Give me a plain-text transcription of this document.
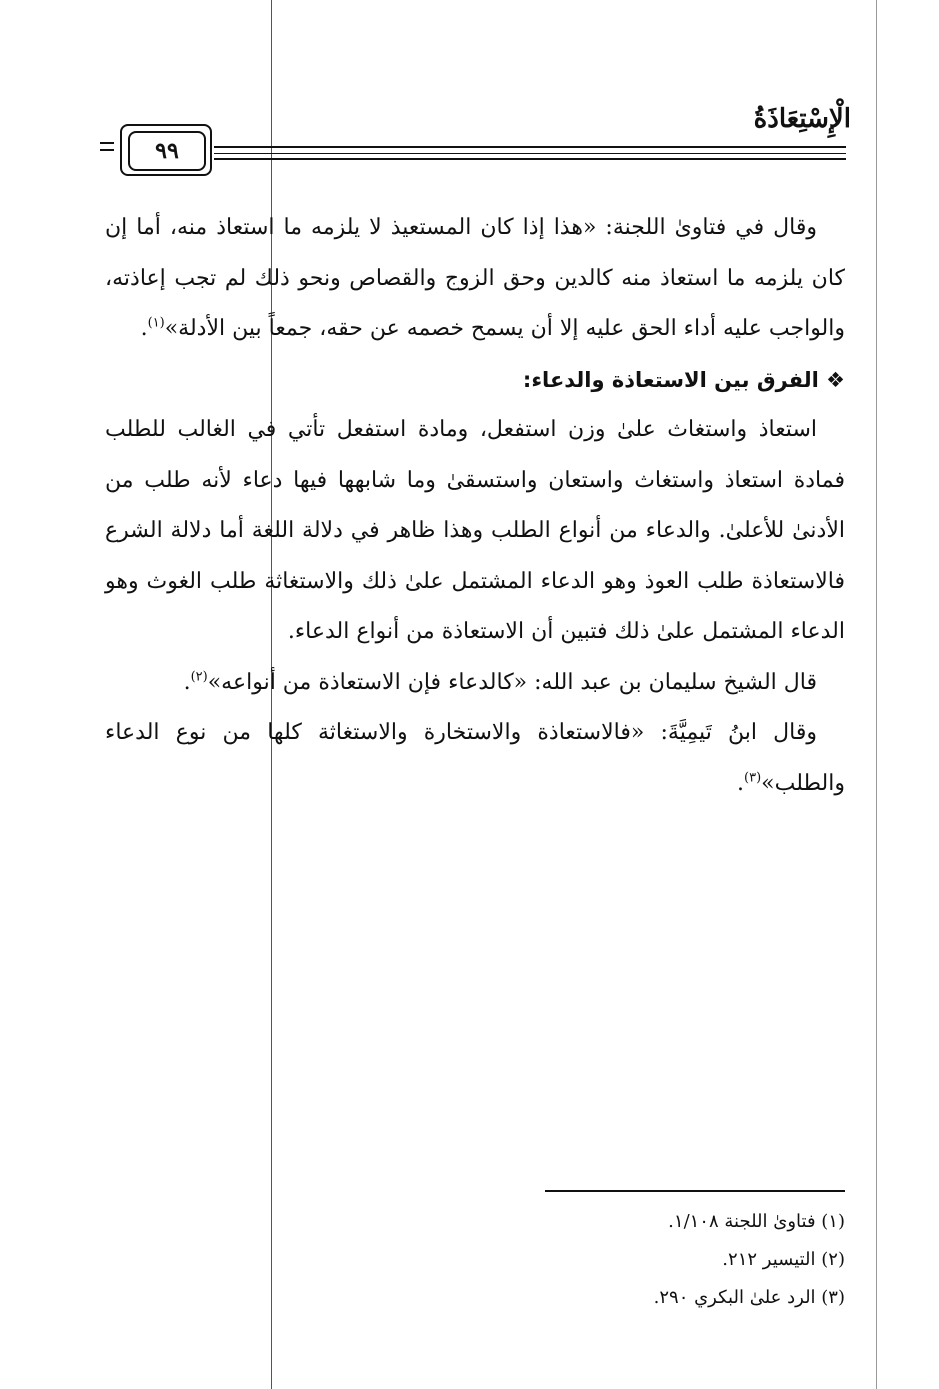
الْإِسْتِعَاذَةُ
٩٩

وقال في فتاوىٰ اللجنة: «هذا إذا كان المستعيذ لا يلزمه ما استعاذ منه، أما إن كان يلزمه ما استعاذ منه كالدين وحق الزوج والقصاص ونحو ذلك لم تجب إعاذته، والواجب عليه أداء الحق عليه إلا أن يسمح خصمه عن حقه، جمعاً بين الأدلة»$^{(١)}$.

❖ الفرق بين الاستعاذة والدعاء:

استعاذ واستغاث علىٰ وزن استفعل، ومادة استفعل تأتي في الغالب للطلب فمادة استعاذ واستغاث واستعان واستسقىٰ وما شابهها فيها دعاء لأنه طلب من الأدنىٰ للأعلىٰ. والدعاء من أنواع الطلب وهذا ظاهر في دلالة اللغة أما دلالة الشرع فالاستعاذة طلب العوذ وهو الدعاء المشتمل علىٰ ذلك والاستغاثة طلب الغوث وهو الدعاء المشتمل علىٰ ذلك فتبين أن الاستعاذة من أنواع الدعاء.

قال الشيخ سليمان بن عبد الله: «كالدعاء فإن الاستعاذة من أنواعه»$^{(٢)}$.

وقال ابنُ تَيمِيَّةَ: «فالاستعاذة والاستخارة والاستغاثة كلها من نوع الدعاء والطلب»$^{(٣)}$.

(١) فتاوىٰ اللجنة ١/١٠٨.
(٢) التيسير ٢١٢.
(٣) الرد علىٰ البكري ٢٩٠.
